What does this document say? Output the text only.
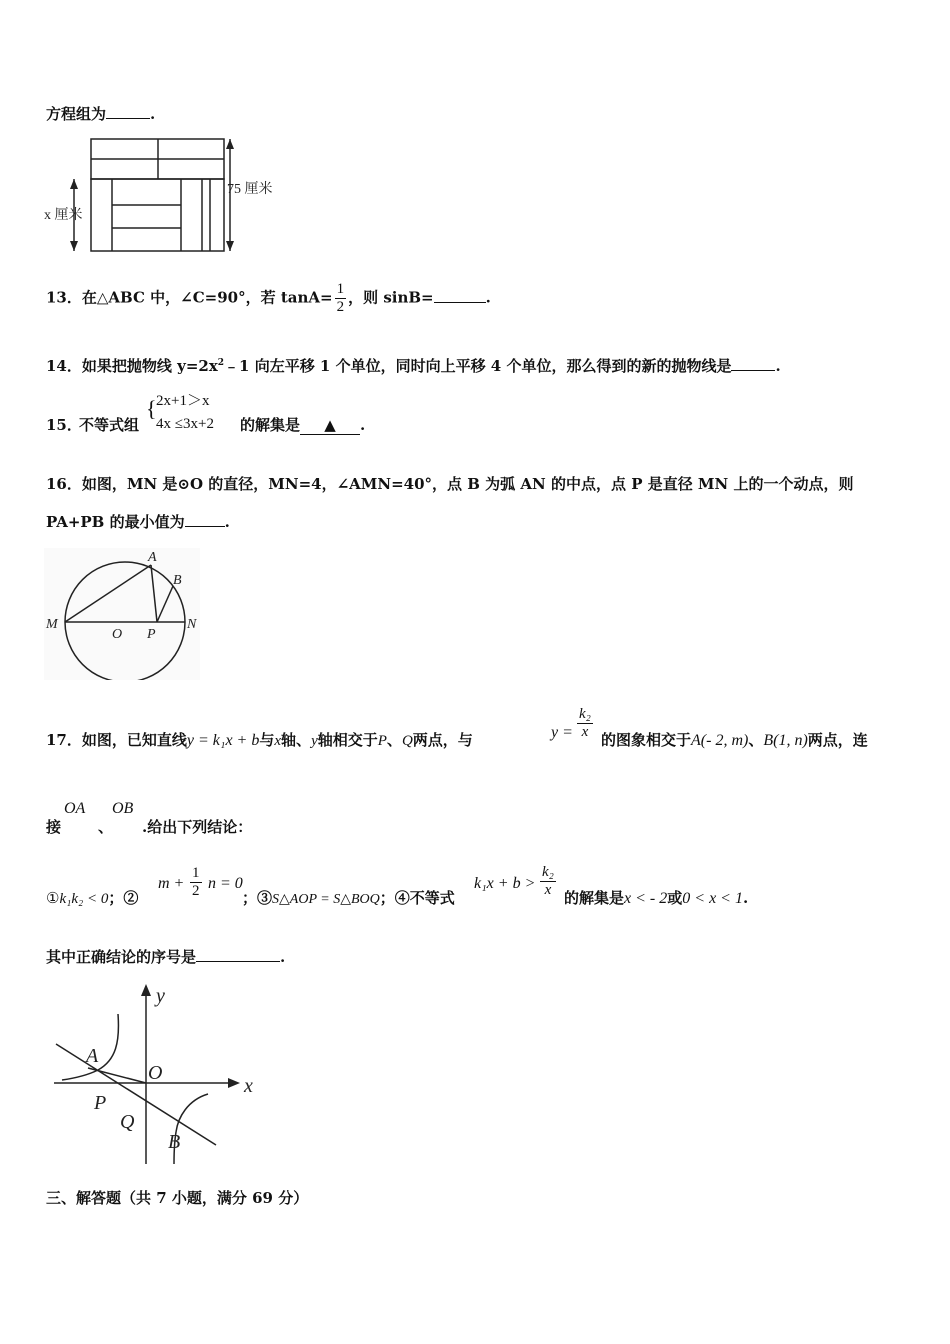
方程组为	.
75 厘米
x 厘米
13．在△ABC 中，∠C=90°，若 $\tan A= \frac{1}{2}$ ，则 sinB=	.
14．如果把抛物线 $y=2x^2﹣1$ 向左平移 1 个单位，同时向上平移 4 个单位，那么得到的新的抛物线是	.
15．
不等式组
{ 2x+1＞x
4x ≤3x+2 的解集是 ▲ .
16．如图，MN 是⊙O 的直径，MN=4，∠AMN=40°，点 B 为弧 AN 的中点，点 P 是直径 MN 上的一个动点，则
PA+PB 的最小值为	.
A
B
M	N
O P
17．如图，已知直线y = k₁x + b与x轴、y轴相交于P、Q两点，与	$y = \frac{\text{k₂}}{x}$ 的图象相交于A(- 2, m)、B(1, n)两点，连
接
OA
、
OB
.给出下列结论：
①k₁k₂ < 0；②
$m + \frac{1}{2}$ n = 0
；③S△AOP = S△BOQ；④不等式
$k_1x + b > \frac{\text{k₂}}{x}$ 的解集是x < - 2或0 < x < 1.
其中正确结论的序号是	.
y
x
O
A
P
Q
B
三、解答题（共 7 小题，满分 69 分）
